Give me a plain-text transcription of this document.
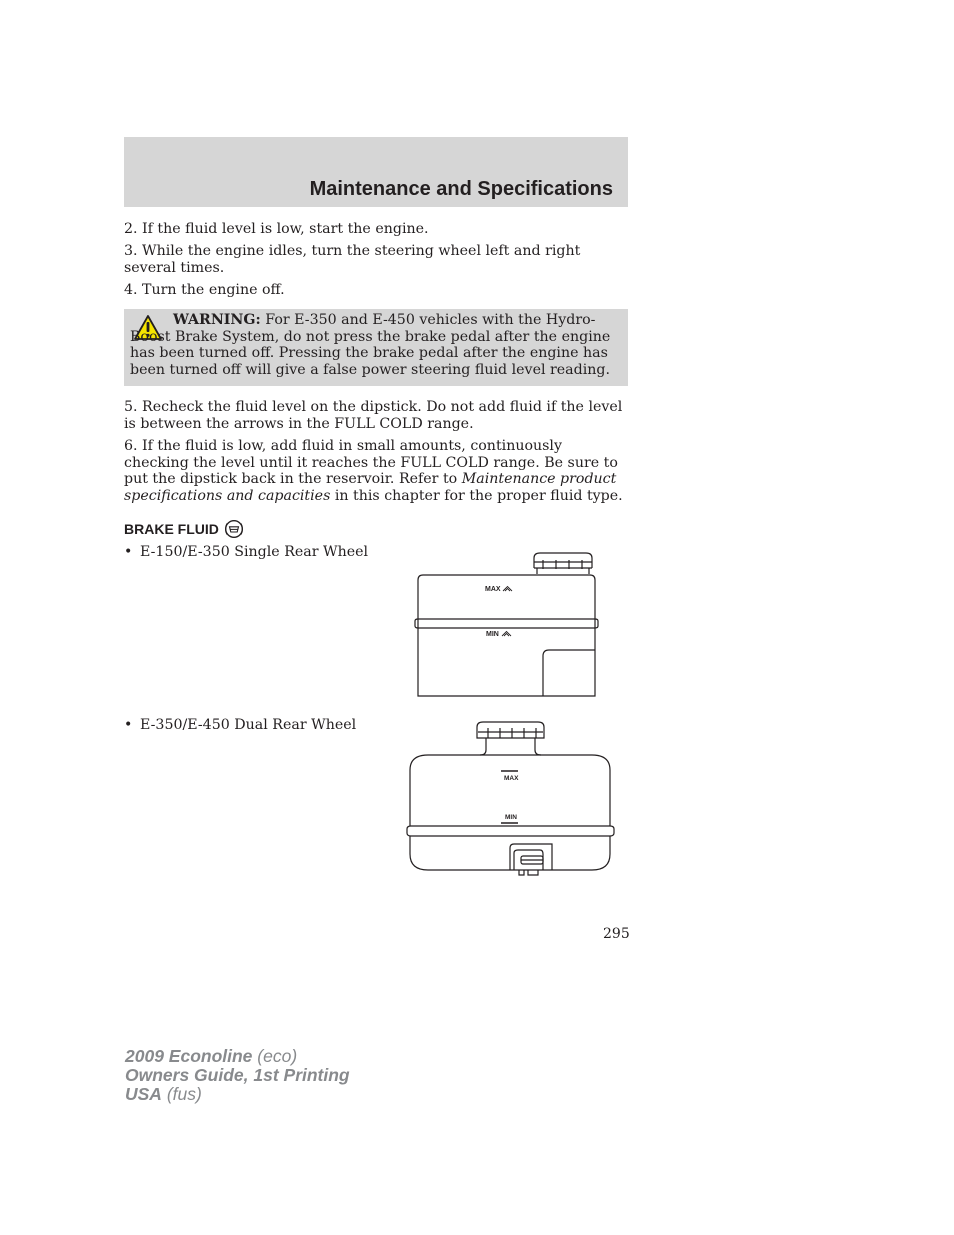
Maintenance and Specifications
2. If the fluid level is low, start the engine.
3. While the engine idles, turn the steering wheel left and right several times.
4. Turn the engine off.
WARNING: For E-350 and E-450 vehicles with the Hydro-Boost Brake System, do not press the brake pedal after the engine has been turned off. Pressing the brake pedal after the engine has been turned off will give a false power steering fluid level reading.
5. Recheck the fluid level on the dipstick. Do not add fluid if the level is between the arrows in the FULL COLD range.
6. If the fluid is low, add fluid in small amounts, continuously checking the level until it reaches the FULL COLD range. Be sure to put the dipstick back in the reservoir. Refer to Maintenance product specifications and capacities in this chapter for the proper fluid type.
BRAKE FLUID
• E-150/E-350 Single Rear Wheel
MAX
MIN
• E-350/E-450 Dual Rear Wheel
MAX
MIN
295
2009 Econoline (eco)
Owners Guide, 1st Printing
USA (fus)
